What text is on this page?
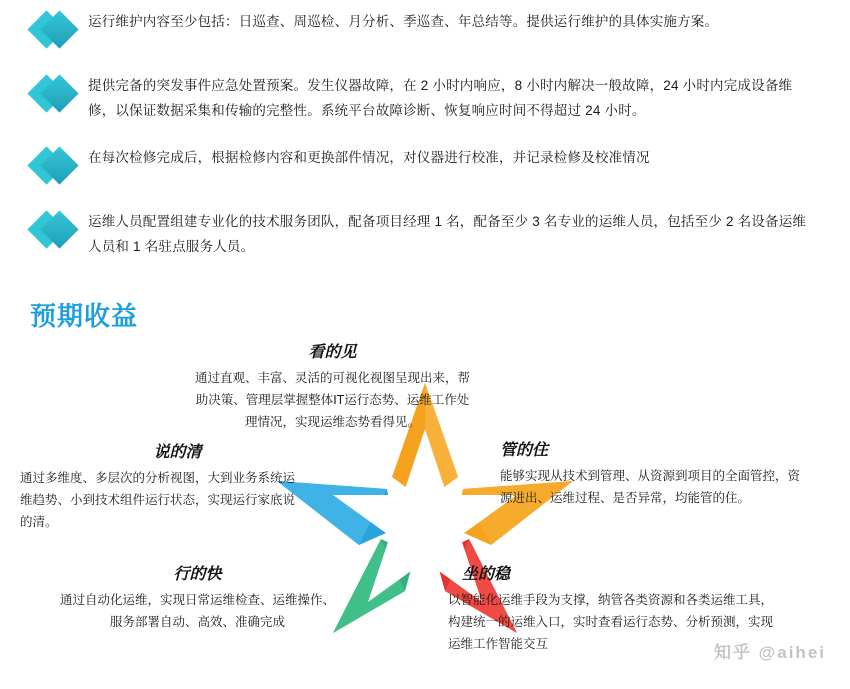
运行维护内容至少包括：日巡查、周巡检、月分析、季巡查、年总结等。提供运行维护的具体实施方案。
提供完备的突发事件应急处置预案。发生仪器故障，在 2 小时内响应，8 小时内解决一般故障，24 小时内完成设备维修，以保证数据采集和传输的完整性。系统平台故障诊断、恢复响应时间不得超过 24 小时。
在每次检修完成后，根据检修内容和更换部件情况，对仪器进行校准，并记录检修及校准情况
运维人员配置组建专业化的技术服务团队，配备项目经理 1 名，配备至少 3 名专业的运维人员，包括至少 2 名设备运维人员和 1 名驻点服务人员。
预期收益
看的见
通过直观、丰富、灵活的可视化视图呈现出来，帮助决策、管理层掌握整体IT运行态势、运维工作处理情况，实现运维态势看得见。
说的清
通过多维度、多层次的分析视图，大到业务系统运维趋势、小到技术组件运行状态，实现运行家底说的清。
管的住
能够实现从技术到管理、从资源到项目的全面管控，资源进出、运维过程、是否异常，均能管的住。
行的快
通过自动化运维，实现日常运维检查、运维操作、服务部署自动、高效、准确完成
坐的稳
以智能化运维手段为支撑，纳管各类资源和各类运维工具，构建统一的运维入口，实时查看运行态势、分析预测，实现运维工作智能交互	知乎 @aihei
